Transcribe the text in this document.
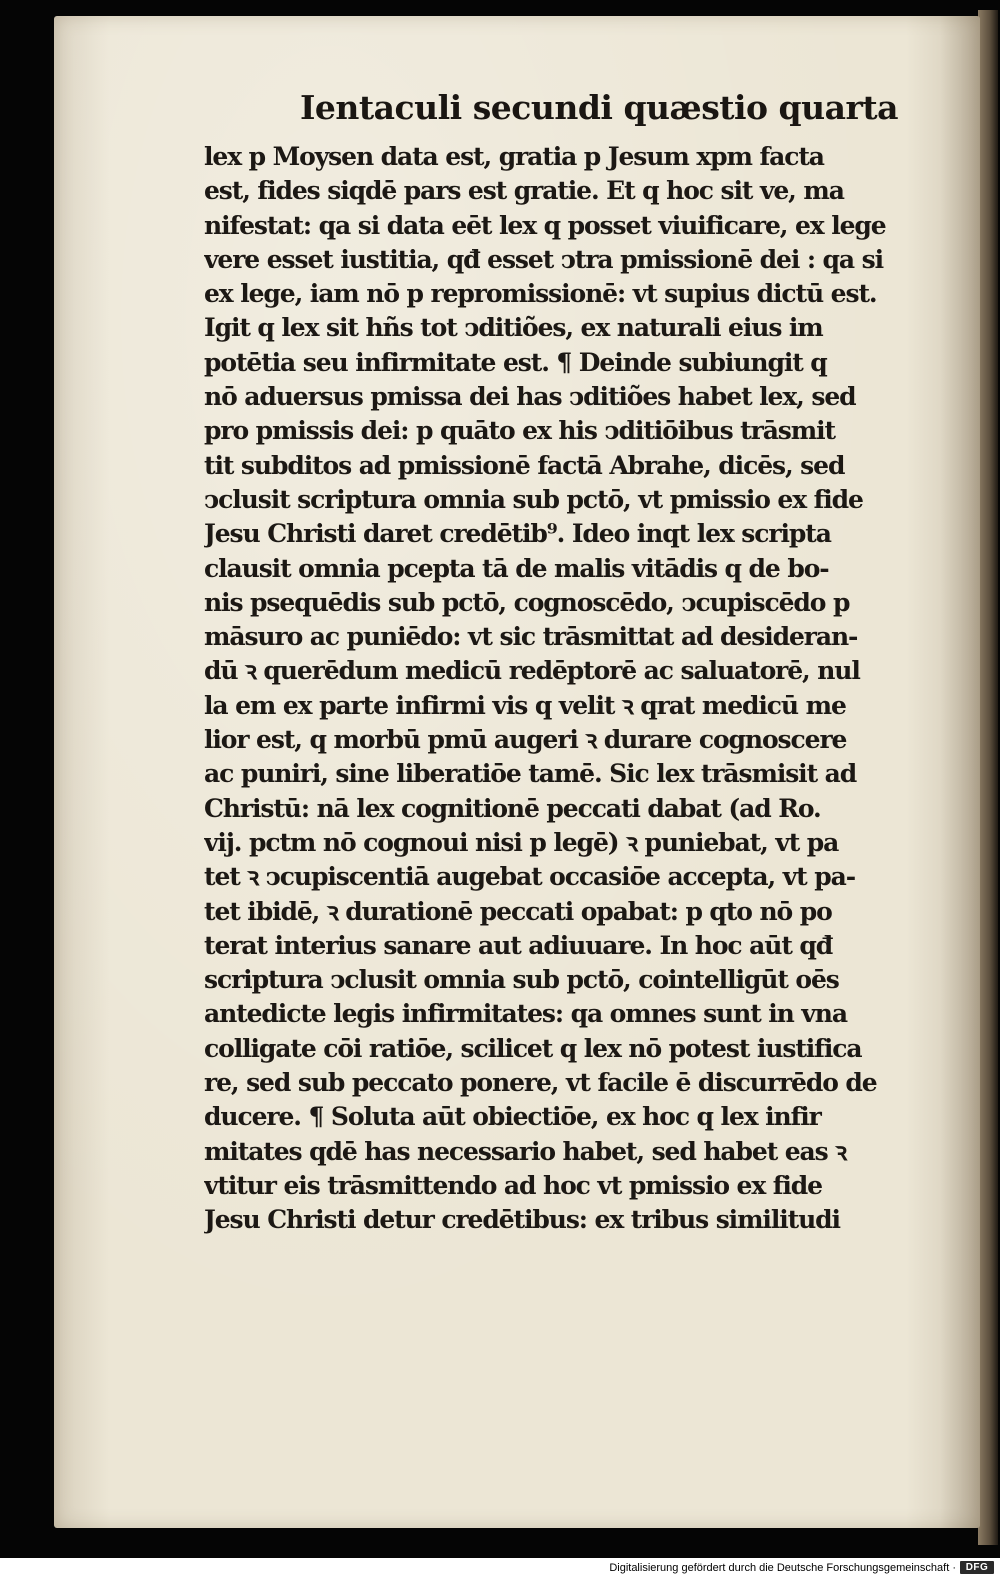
Ientaculi secundi quæstio quarta
lex p Moysen data est, gratia p Jesum xpm facta
est, fides siqdē pars est gratie. Et q hoc sit ve, ma
nifestat: qa si data eēt lex q posset viuificare, ex lege
vere esset iustitia, qđ esset ↄtra pmissionē dei : qa si
ex lege, iam nō p repromissionē: vt supius dictū est.
Igit q lex sit hñs tot ↄditiões, ex naturali eius im
potētia seu infirmitate est. ¶ Deinde subiungit q
nō aduersus pmissa dei has ↄditiões habet lex, sed
pro pmissis dei: p quāto ex his ↄditiōibus trāsmit
tit subditos ad pmissionē factā Abrahe, dicēs, sed
ↄclusit scriptura omnia sub pctō, vt pmissio ex fide
Jesu Christi daret credētib⁹. Ideo inqt lex scripta
clausit omnia pcepta tā de malis vitādis q de bo-
nis psequēdis sub pctō, cognoscēdo, ↄcupiscēdo p
māsuro ac puniēdo: vt sic trāsmittat ad desideran-
dū ꝛ querēdum medicū redēptorē ac saluatorē, nul
la em ex parte infirmi vis q velit ꝛ qrat medicū me
lior est, q morbū pmū augeri ꝛ durare cognoscere
ac puniri, sine liberatiōe tamē. Sic lex trāsmisit ad
Christū: nā lex cognitionē peccati dabat (ad Ro.
vij. pctm nō cognoui nisi p legē) ꝛ puniebat, vt pa
tet ꝛ ↄcupiscentiā augebat occasiōe accepta, vt pa-
tet ibidē, ꝛ durationē peccati opabat: p qto nō po
terat interius sanare aut adiuuare. In hoc aūt qđ
scriptura ↄclusit omnia sub pctō, cointelligūt oēs
antedicte legis infirmitates: qa omnes sunt in vna
colligate cōi ratiōe, scilicet q lex nō potest iustifica
re, sed sub peccato ponere, vt facile ē discurrēdo de
ducere. ¶ Soluta aūt obiectiōe, ex hoc q lex infir
mitates qdē has necessario habet, sed habet eas ꝛ
vtitur eis trāsmittendo ad hoc vt pmissio ex fide
Jesu Christi detur credētibus: ex tribus similitudi
Digitalisierung gefördert durch die Deutsche Forschungsgemeinschaft · DFG
